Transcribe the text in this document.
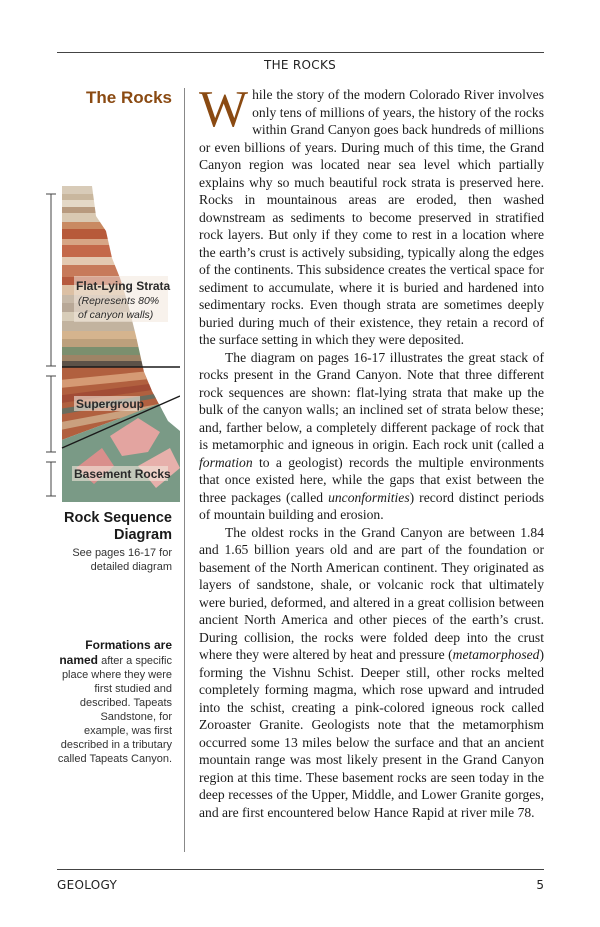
THE ROCKS
The Rocks
Flat-Lying Strata
(Represents 80%
of canyon walls)
Supergroup
Basement Rocks
Rock Sequence
Diagram
See pages 16-17 for detailed diagram
Formations are named after a specific place where they were first studied and described. Tapeats Sandstone, for example, was first described in a tributary called Tapeats Canyon.

While the story of the modern Colorado River involves only tens of millions of years, the history of the rocks within Grand Canyon goes back hundreds of millions or even billions of years. During much of this time, the Grand Canyon region was located near sea level which partially explains why so much beautiful rock strata is preserved here. Rocks in mountainous areas are eroded, then washed downstream as sediments to become preserved in stratified rock layers. But only if they come to rest in a location where the earth’s crust is actively subsiding, typically along the edges of the continents. This subsidence creates the vertical space for sediment to accumulate, where it is buried and hardened into sedimentary rocks. Even though strata are sometimes deeply buried during much of their existence, they retain a record of the surface setting in which they were deposited.

The diagram on pages 16-17 illustrates the great stack of rocks present in the Grand Canyon. Note that three different rock sequences are shown: flat-lying strata that make up the bulk of the canyon walls; an inclined set of strata below these; and, farther below, a completely different package of rock that is metamorphic and igneous in origin. Each rock unit (called a formation to a geologist) records the multiple environments that once existed here, while the gaps that exist between the three packages (called unconformities) record distinct periods of mountain building and erosion.

The oldest rocks in the Grand Canyon are between 1.84 and 1.65 billion years old and are part of the foundation or basement of the North American continent. They originated as layers of sandstone, shale, or volcanic rock that ultimately were buried, deformed, and altered in a great collision between ancient North America and other pieces of the earth’s crust. During collision, the rocks were folded deep into the crust where they were altered by heat and pressure (metamorphosed) forming the Vishnu Schist. Deeper still, other rocks melted completely forming magma, which rose upward and intruded into the schist, creating a pink-colored igneous rock called Zoroaster Granite. Geologists note that the metamorphism occurred some 13 miles below the surface and that an ancient mountain range was most likely present in the Grand Canyon region at this time. These basement rocks are seen today in the deep recesses of the Upper, Middle, and Lower Granite gorges, and are first encountered below Hance Rapid at river mile 78.

GEOLOGY	5
